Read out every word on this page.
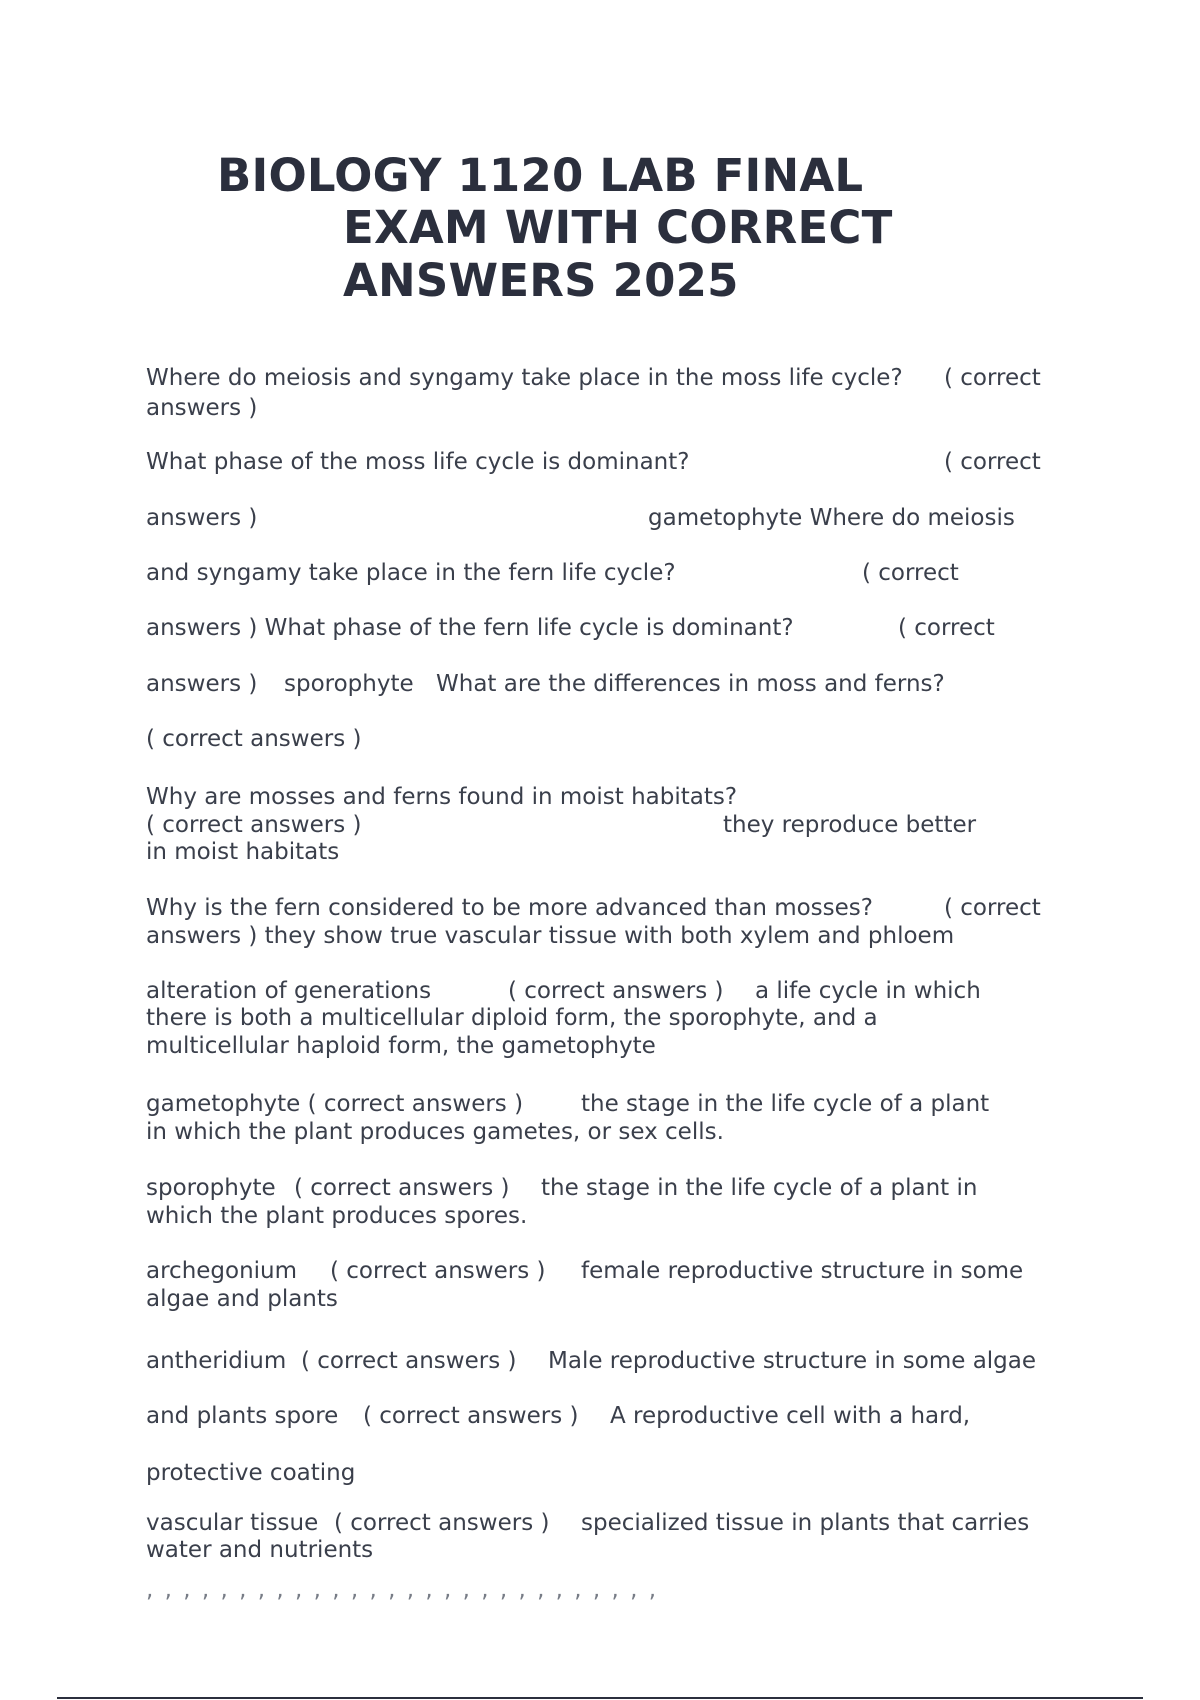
BIOLOGY 1120 LAB FINAL
EXAM WITH CORRECT
ANSWERS 2025
Where do meiosis and syngamy take place in the moss life cycle? ( correct
answers )
What phase of the moss life cycle is dominant?	( correct
answers )	gametophyte Where do meiosis
and syngamy take place in the fern life cycle?	( correct
answers ) What phase of the fern life cycle is dominant?	( correct
answers ) sporophyte What are the differences in moss and ferns?
( correct answers )
Why are mosses and ferns found in moist habitats?
( correct answers )	they reproduce better
in moist habitats
Why is the fern considered to be more advanced than mosses?	( correct
answers ) they show true vascular tissue with both xylem and phloem
alteration of generations	( correct answers ) a life cycle in which
there is both a multicellular diploid form, the sporophyte, and a
multicellular haploid form, the gametophyte
gametophyte ( correct answers )	the stage in the life cycle of a plant
in which the plant produces gametes, or sex cells.
sporophyte ( correct answers ) the stage in the life cycle of a plant in
which the plant produces spores.
archegonium ( correct answers ) female reproductive structure in some
algae and plants
antheridium ( correct answers ) Male reproductive structure in some algae
and plants spore ( correct answers ) A reproductive cell with a hard,
protective coating
vascular tissue ( correct answers ) specialized tissue in plants that carries
water and nutrients
, , , , , , , , , , , , , , , , , , , , , , , , , , , ,
